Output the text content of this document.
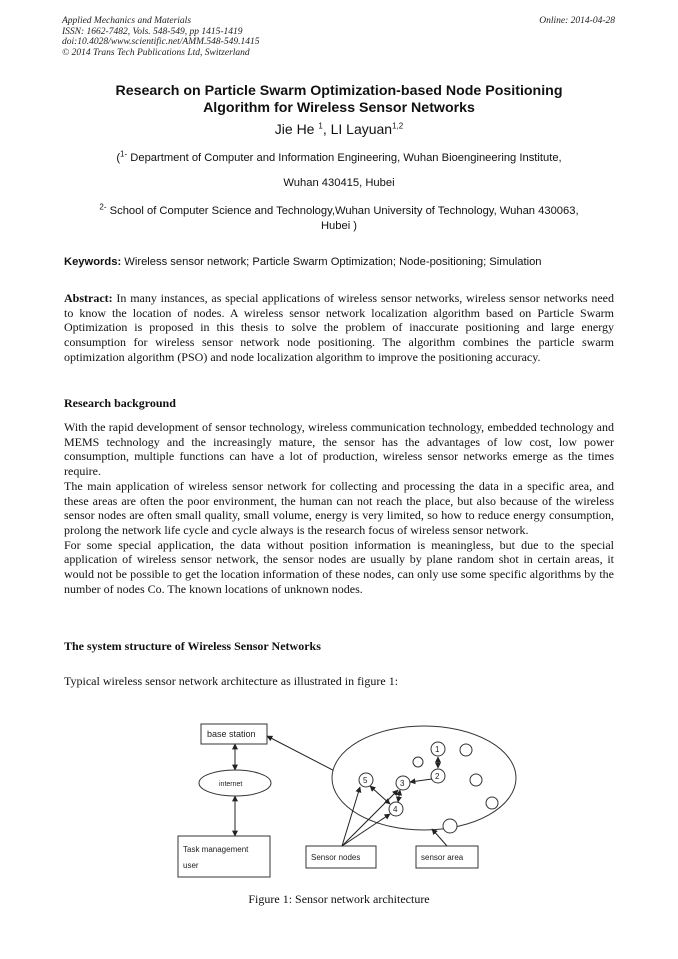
Applied Mechanics and Materials
ISSN: 1662-7482, Vols. 548-549, pp 1415-1419
doi:10.4028/www.scientific.net/AMM.548-549.1415
© 2014 Trans Tech Publications Ltd, Switzerland
Online: 2014-04-28
Research on Particle Swarm Optimization-based Node Positioning
Algorithm for Wireless Sensor Networks
Jie He $^1$, LI Layuan$^{1,2}$
($^{1-}$ Department of Computer and Information Engineering, Wuhan Bioengineering Institute,
Wuhan 430415, Hubei
$^{2-}$ School of Computer Science and Technology,Wuhan University of Technology, Wuhan 430063,
Hubei )
Keywords: Wireless sensor network; Particle Swarm Optimization; Node-positioning; Simulation
Abstract: In many instances, as special applications of wireless sensor networks, wireless sensor networks need to know the location of nodes. A wireless sensor network localization algorithm based on Particle Swarm Optimization is proposed in this thesis to solve the problem of inaccurate positioning and large energy consumption for wireless sensor network node positioning. The algorithm combines the particle swarm optimization algorithm (PSO) and node localization algorithm to improve the positioning accuracy.
Research background
With the rapid development of sensor technology, wireless communication technology, embedded technology and MEMS technology and the increasingly mature, the sensor has the advantages of low cost, low power consumption, multiple functions can have a lot of production, wireless sensor networks emerge as the times require.
The main application of wireless sensor network for collecting and processing the data in a specific area, and these areas are often the poor environment, the human can not reach the place, but also because of the wireless sensor nodes are often small quality, small volume, energy is very limited, so how to reduce energy consumption, prolong the network life cycle and cycle always is the research focus of wireless sensor network.
For some special application, the data without position information is meaningless, but due to the special application of wireless sensor network, the sensor nodes are usually by plane random shot in certain areas, it would not be possible to get the location information of these nodes, can only use some specific algorithms by the number of nodes Co. The known locations of unknown nodes.
The system structure of Wireless Sensor Networks
Typical wireless sensor network architecture as illustrated in figure 1:
base station
internet
Task management
user
1
2
3
4
5
Sensor nodes	sensor area
Figure 1: Sensor network architecture
